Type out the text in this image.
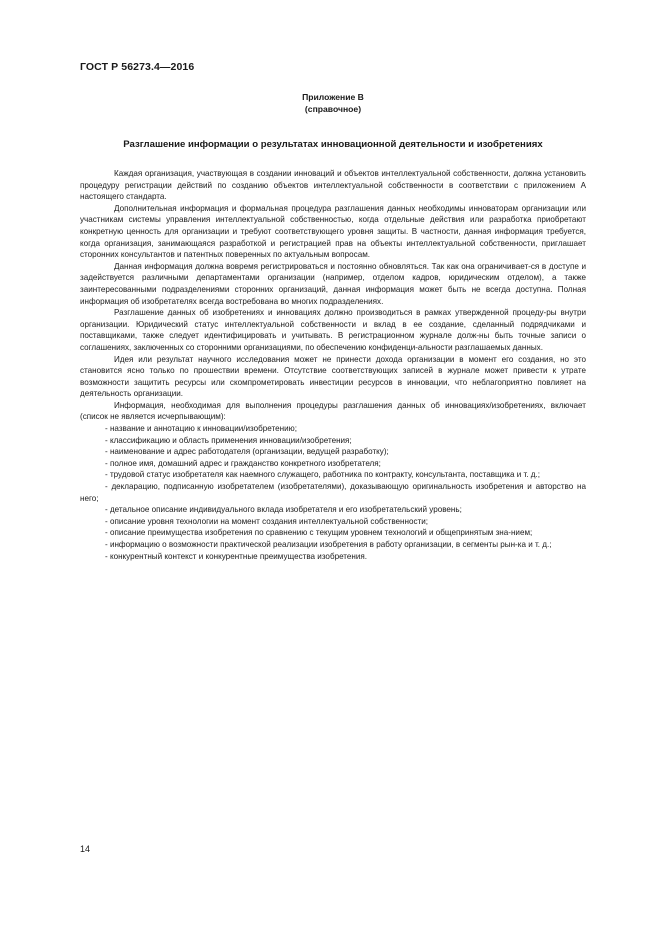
ГОСТ Р 56273.4—2016
Приложение В
(справочное)
Разглашение информации о результатах инновационной деятельности и изобретениях

Каждая организация, участвующая в создании инноваций и объектов интеллектуальной собственности, должна установить процедуру регистрации действий по созданию объектов интеллектуальной собственности в соответствии с приложением А настоящего стандарта.

Дополнительная информация и формальная процедура разглашения данных необходимы инноваторам организации или участникам системы управления интеллектуальной собственностью, когда отдельные действия или разработка приобретают конкретную ценность для организации и требуют соответствующего уровня защиты. В частности, данная информация требуется, когда организация, занимающаяся разработкой и регистрацией прав на объекты интеллектуальной собственности, приглашает сторонних консультантов и патентных поверенных по актуальным вопросам.

Данная информация должна вовремя регистрироваться и постоянно обновляться. Так как она ограничивает-ся в доступе и задействуется различными департаментами организации (например, отделом кадров, юридическим отделом), а также заинтересованными подразделениями сторонних организаций, данная информация может быть не всегда доступна. Полная информация об изобретателях всегда востребована во многих подразделениях.

Разглашение данных об изобретениях и инновациях должно производиться в рамках утвержденной процеду-ры внутри организации. Юридический статус интеллектуальной собственности и вклад в ее создание, сделанный подрядчиками и поставщиками, также следует идентифицировать и учитывать. В регистрационном журнале долж-ны быть точные записи о соглашениях, заключенных со сторонними организациями, по обеспечению конфиденци-альности разглашаемых данных.

Идея или результат научного исследования может не принести дохода организации в момент его создания, но это становится ясно только по прошествии времени. Отсутствие соответствующих записей в журнале может привести к утрате возможности защитить ресурсы или скомпрометировать инвестиции ресурсов в инновации, что неблагоприятно повлияет на деятельность организации.

Информация, необходимая для выполнения процедуры разглашения данных об инновациях/изобретениях, включает (список не является исчерпывающим):

- название и аннотацию к инновации/изобретению;
- классификацию и область применения инновации/изобретения;
- наименование и адрес работодателя (организации, ведущей разработку);
- полное имя, домашний адрес и гражданство конкретного изобретателя;
- трудовой статус изобретателя как наемного служащего, работника по контракту, консультанта, поставщика и т. д.;
- декларацию, подписанную изобретателем (изобретателями), доказывающую оригинальность изобретения и авторство на него;
- детальное описание индивидуального вклада изобретателя и его изобретательский уровень;
- описание уровня технологии на момент создания интеллектуальной собственности;
- описание преимущества изобретения по сравнению с текущим уровнем технологий и общепринятым зна-нием;
- информацию о возможности практической реализации изобретения в работу организации, в сегменты рын-ка и т. д.;
- конкурентный контекст и конкурентные преимущества изобретения.
14
